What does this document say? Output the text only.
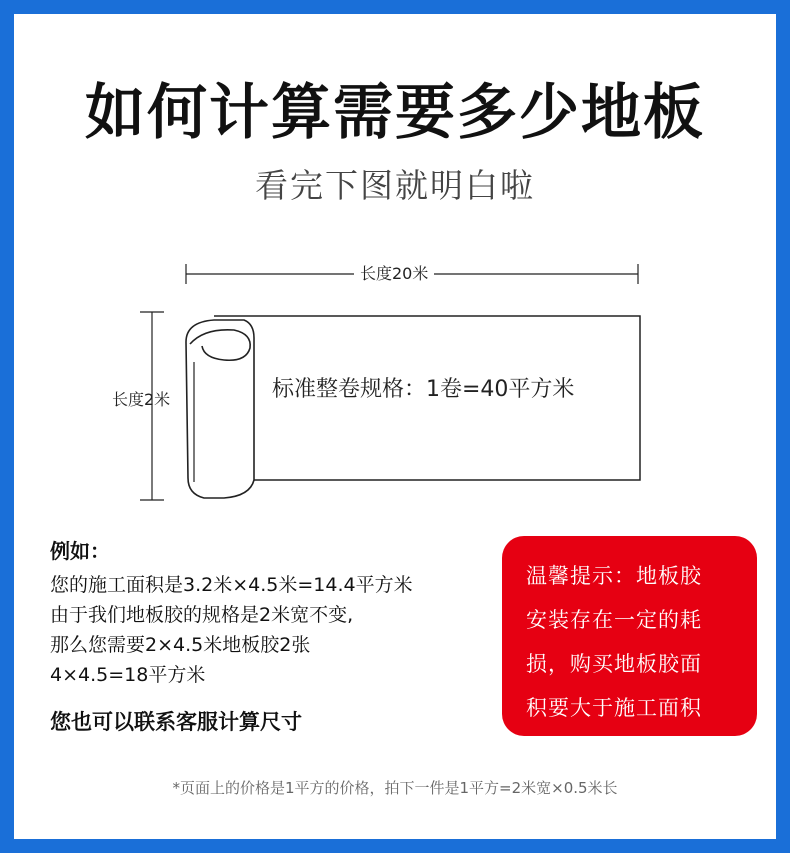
如何计算需要多少地板
看完下图就明白啦
长度20米
长度2米	标准整卷规格：1卷=40平方米
例如：
您的施工面积是3.2米×4.5米=14.4平方米
由于我们地板胶的规格是2米宽不变,
那么您需要2×4.5米地板胶2张
4×4.5=18平方米
您也可以联系客服计算尺寸
温馨提示：地板胶
安装存在一定的耗
损，购买地板胶面
积要大于施工面积
*页面上的价格是1平方的价格，拍下一件是1平方=2米宽×0.5米长
